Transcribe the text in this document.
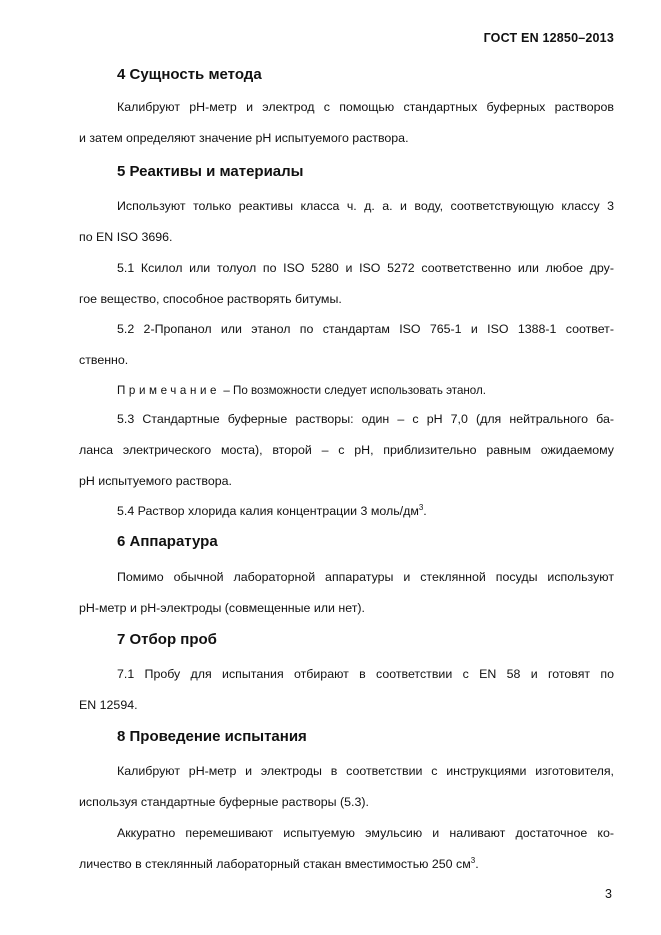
ГОСТ EN 12850–2013
4 Сущность метода
Калибруют рН-метр и электрод с помощью стандартных буферных растворов
и затем определяют значение рН испытуемого раствора.
5 Реактивы и материалы
Используют только реактивы класса ч. д. а. и воду, соответствующую классу 3
по EN ISO 3696.
5.1 Ксилол или толуол по ISO 5280 и ISO 5272 соответственно или любое дру-
гое вещество, способное растворять битумы.
5.2 2-Пропанол или этанол по стандартам ISO 765-1 и ISO 1388-1 соответ-
ственно.
Примечание – По возможности следует использовать этанол.
5.3 Стандартные буферные растворы: один – с рН 7,0 (для нейтрального ба-
ланса электрического моста), второй – с рН, приблизительно равным ожидаемому
рН испытуемого раствора.
5.4 Раствор хлорида калия концентрации 3 моль/$дм^3$.
6 Аппаратура
Помимо обычной лабораторной аппаратуры и стеклянной посуды используют
рН-метр и рН-электроды (совмещенные или нет).
7 Отбор проб
7.1 Пробу для испытания отбирают в соответствии с EN 58 и готовят по
EN 12594.
8 Проведение испытания
Калибруют рН-метр и электроды в соответствии с инструкциями изготовителя,
используя стандартные буферные растворы (5.3).
Аккуратно перемешивают испытуемую эмульсию и наливают достаточное ко-
личество в стеклянный лабораторный стакан вместимостью 250 $см^3$.
3
